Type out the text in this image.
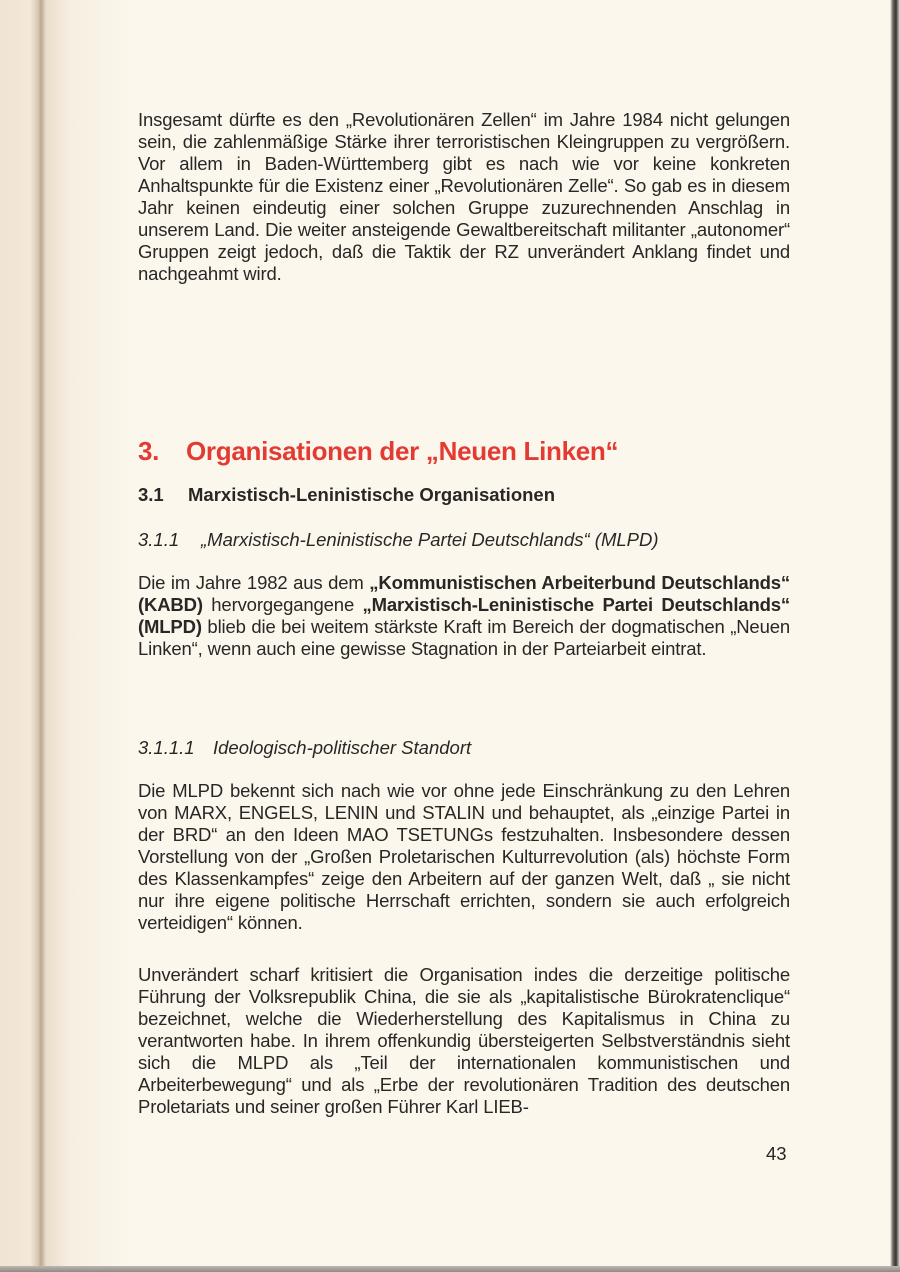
Insgesamt dürfte es den „Revolutionären Zellen“ im Jahre 1984 nicht gelungen sein, die zahlenmäßige Stärke ihrer terroristischen Kleingruppen zu vergrößern. Vor allem in Baden-Württemberg gibt es nach wie vor keine konkreten Anhaltspunkte für die Existenz einer „Revolutionären Zelle“. So gab es in diesem Jahr keinen eindeutig einer solchen Gruppe zuzurechnenden Anschlag in unserem Land. Die weiter ansteigende Gewaltbereitschaft militanter „autonomer“ Gruppen zeigt jedoch, daß die Taktik der RZ unverändert Anklang findet und nachgeahmt wird.

3. Organisationen der „Neuen Linken“
3.1 Marxistisch-Leninistische Organisationen
3.1.1 „Marxistisch-Leninistische Partei Deutschlands“ (MLPD)

Die im Jahre 1982 aus dem „Kommunistischen Arbeiterbund Deutschlands“ (KABD) hervorgegangene „Marxistisch-Leninistische Partei Deutschlands“ (MLPD) blieb die bei weitem stärkste Kraft im Bereich der dogmatischen „Neuen Linken“, wenn auch eine gewisse Stagnation in der Parteiarbeit eintrat.

3.1.1.1 Ideologisch-politischer Standort

Die MLPD bekennt sich nach wie vor ohne jede Einschränkung zu den Lehren von MARX, ENGELS, LENIN und STALIN und behauptet, als „einzige Partei in der BRD“ an den Ideen MAO TSETUNGs festzuhalten. Insbesondere dessen Vorstellung von der „Großen Proletarischen Kulturrevolution (als) höchste Form des Klassenkampfes“ zeige den Arbeitern auf der ganzen Welt, daß „ sie nicht nur ihre eigene politische Herrschaft errichten, sondern sie auch erfolgreich verteidigen“ können.

Unverändert scharf kritisiert die Organisation indes die derzeitige politische Führung der Volksrepublik China, die sie als „kapitalistische Bürokratenclique“ bezeichnet, welche die Wiederherstellung des Kapitalismus in China zu verantworten habe. In ihrem offenkundig übersteigerten Selbstverständnis sieht sich die MLPD als „Teil der internationalen kommunistischen und Arbeiterbewegung“ und als „Erbe der revolutionären Tradition des deutschen Proletariats und seiner großen Führer Karl LIEB-

43
